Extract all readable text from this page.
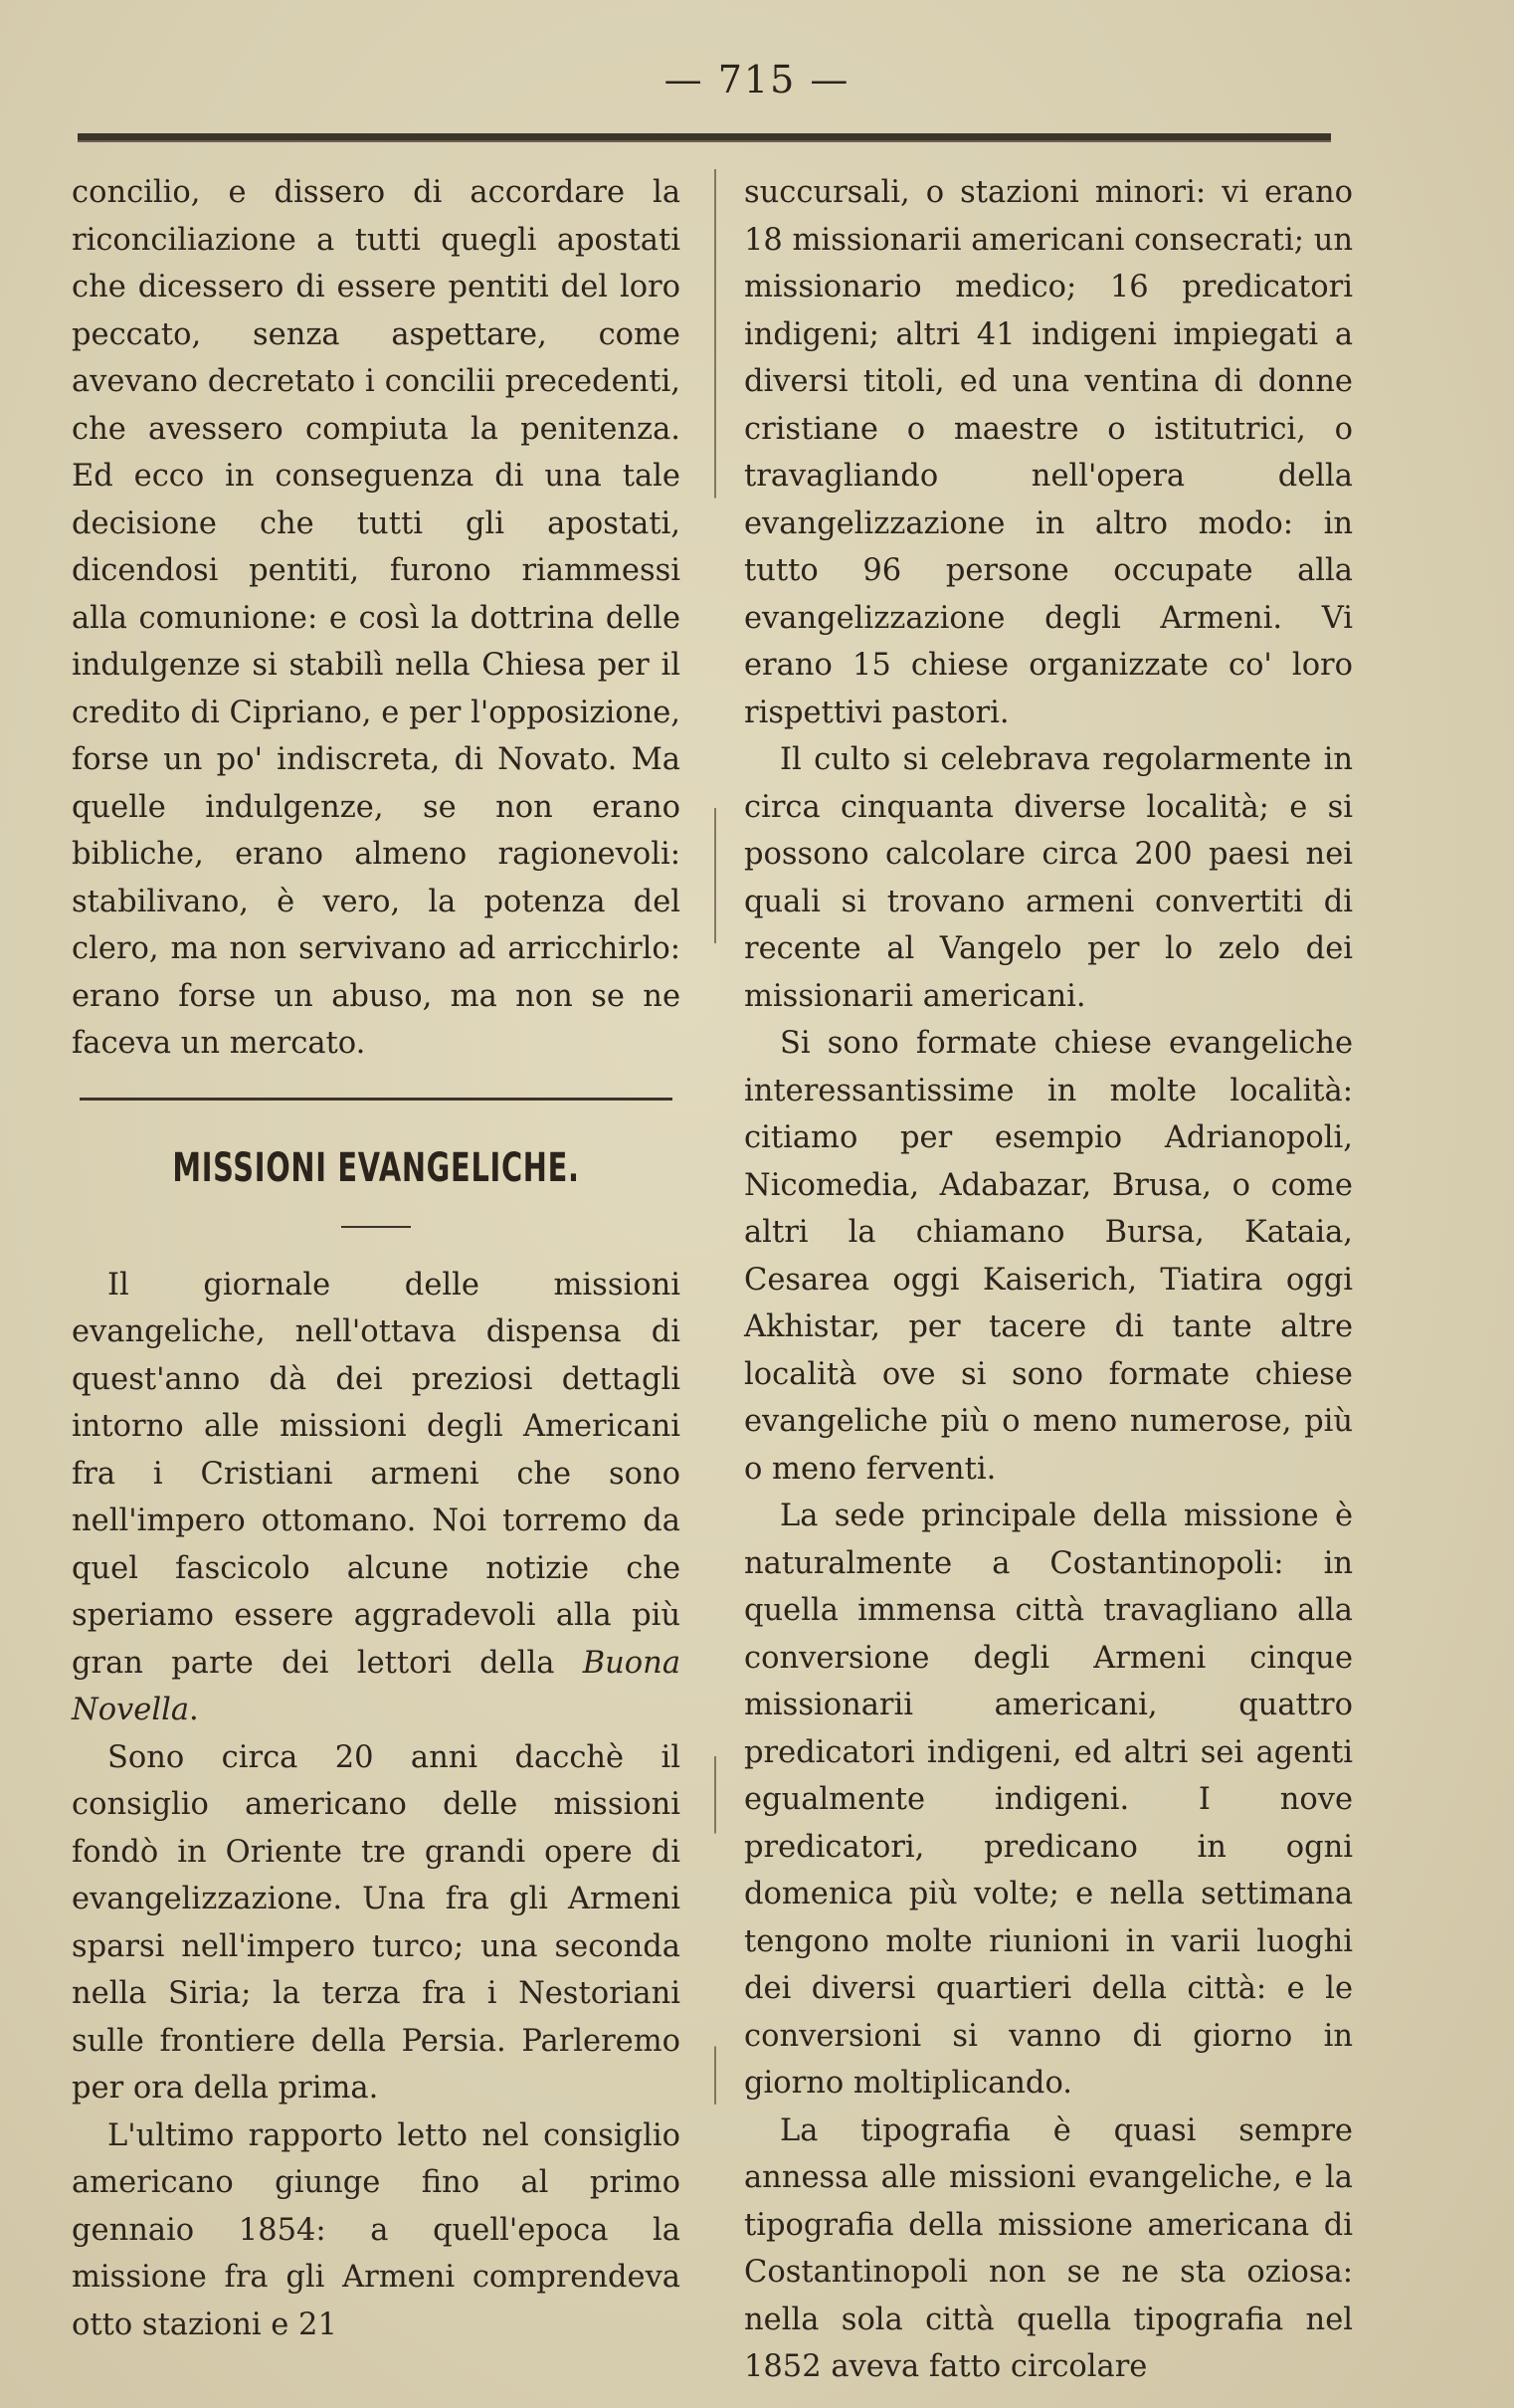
— 715 —

concilio, e dissero di accordare la riconciliazione a tutti quegli apostati che dicessero di essere pentiti del loro peccato, senza aspettare, come avevano decretato i concilii precedenti, che avessero compiuta la penitenza. Ed ecco in conseguenza di una tale decisione che tutti gli apostati, dicendosi pentiti, furono riammessi alla comunione: e così la dottrina delle indulgenze si stabilì nella Chiesa per il credito di Cipriano, e per l'opposizione, forse un po' indiscreta, di Novato. Ma quelle indulgenze, se non erano bibliche, erano almeno ragionevoli: stabilivano, è vero, la potenza del clero, ma non servivano ad arricchirlo: erano forse un abuso, ma non se ne faceva un mercato.

MISSIONI EVANGELICHE.

Il giornale delle missioni evangeliche, nell'ottava dispensa di quest'anno dà dei preziosi dettagli intorno alle missioni degli Americani fra i Cristiani armeni che sono nell'impero ottomano. Noi torremo da quel fascicolo alcune notizie che speriamo essere aggradevoli alla più gran parte dei lettori della Buona Novella.

Sono circa 20 anni dacchè il consiglio americano delle missioni fondò in Oriente tre grandi opere di evangelizzazione. Una fra gli Armeni sparsi nell'impero turco; una seconda nella Siria; la terza fra i Nestoriani sulle frontiere della Persia. Parleremo per ora della prima.

L'ultimo rapporto letto nel consiglio americano giunge fino al primo gennaio 1854: a quell'epoca la missione fra gli Armeni comprendeva otto stazioni e 21

succursali, o stazioni minori: vi erano 18 missionarii americani consecrati; un missionario medico; 16 predicatori indigeni; altri 41 indigeni impiegati a diversi titoli, ed una ventina di donne cristiane o maestre o istitutrici, o travagliando nell'opera della evangelizzazione in altro modo: in tutto 96 persone occupate alla evangelizzazione degli Armeni. Vi erano 15 chiese organizzate co' loro rispettivi pastori.

Il culto si celebrava regolarmente in circa cinquanta diverse località; e si possono calcolare circa 200 paesi nei quali si trovano armeni convertiti di recente al Vangelo per lo zelo dei missionarii americani.

Si sono formate chiese evangeliche interessantissime in molte località: citiamo per esempio Adrianopoli, Nicomedia, Adabazar, Brusa, o come altri la chiamano Bursa, Kataia, Cesarea oggi Kaiserich, Tiatira oggi Akhistar, per tacere di tante altre località ove si sono formate chiese evangeliche più o meno numerose, più o meno ferventi.

La sede principale della missione è naturalmente a Costantinopoli: in quella immensa città travagliano alla conversione degli Armeni cinque missionarii americani, quattro predicatori indigeni, ed altri sei agenti egualmente indigeni. I nove predicatori, predicano in ogni domenica più volte; e nella settimana tengono molte riunioni in varii luoghi dei diversi quartieri della città: e le conversioni si vanno di giorno in giorno moltiplicando.

La tipografia è quasi sempre annessa alle missioni evangeliche, e la tipografia della missione americana di Costantinopoli non se ne sta oziosa: nella sola città quella tipografia nel 1852 aveva fatto circolare
